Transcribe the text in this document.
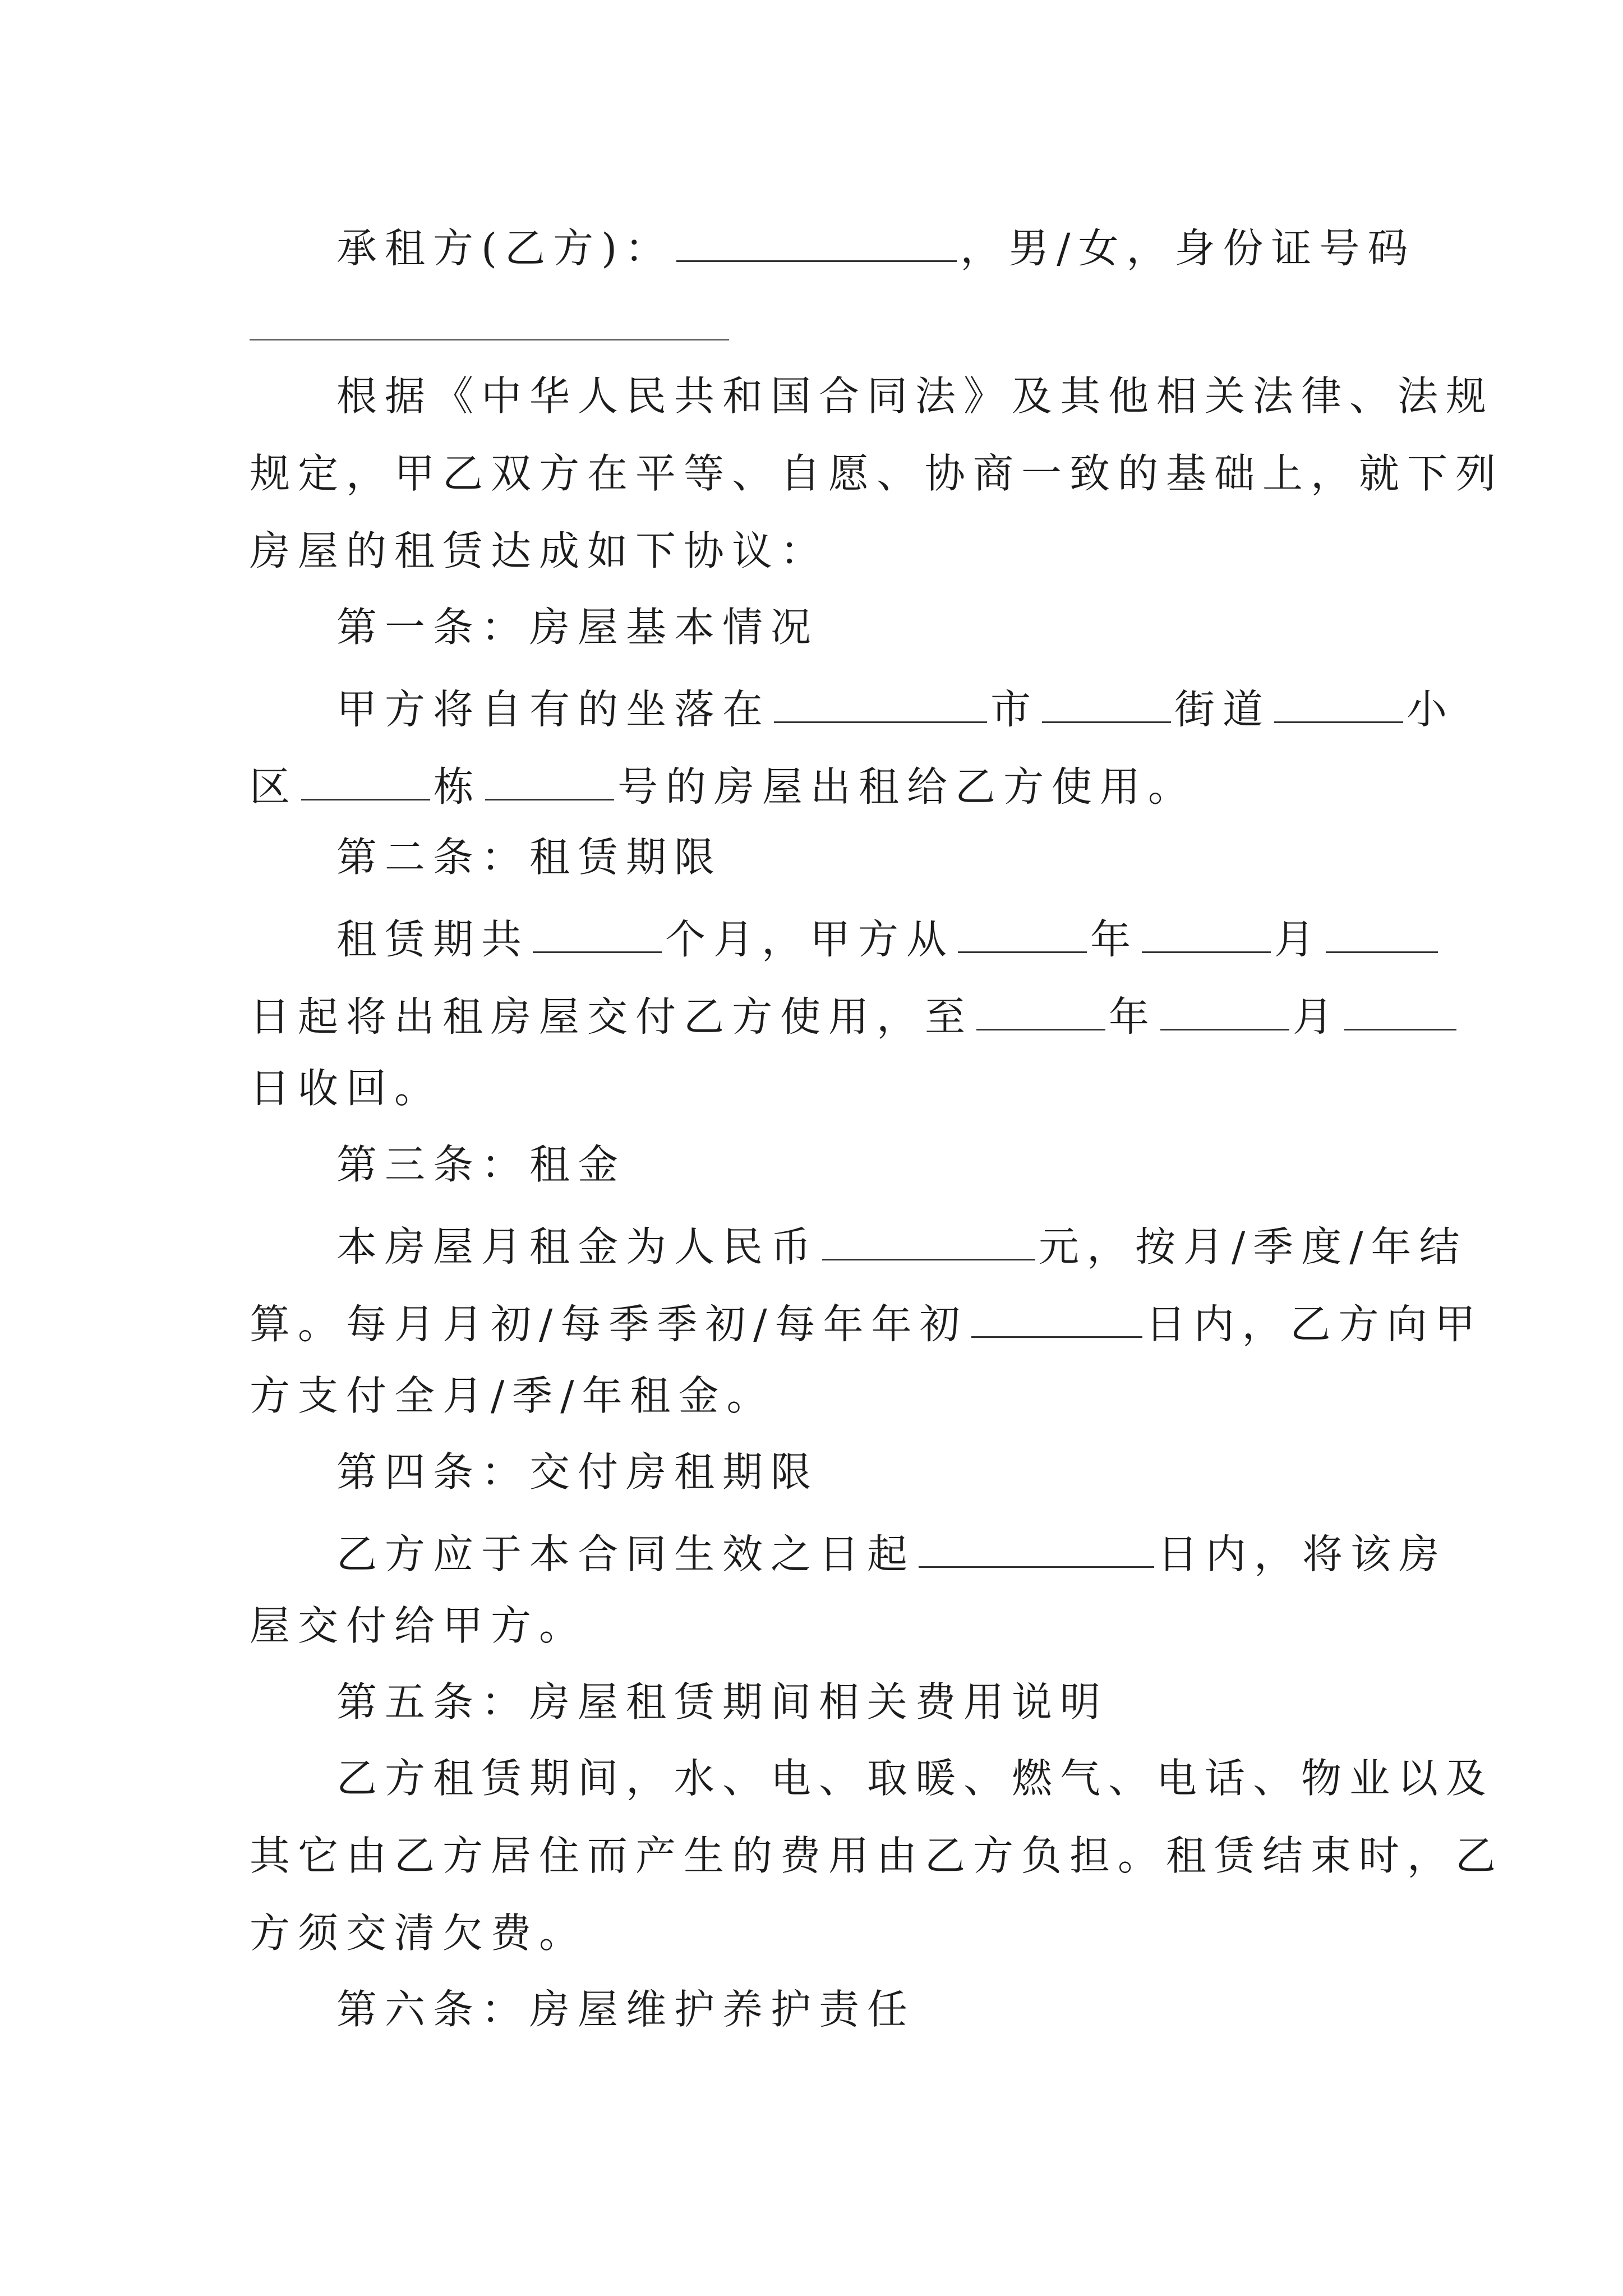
承租方(乙方)：	，男/女，身份证号码
根据《中华人民共和国合同法》及其他相关法律、法规
规定，甲乙双方在平等、自愿、协商一致的基础上，就下列
房屋的租赁达成如下协议：
第一条：房屋基本情况
甲方将自有的坐落在	市	街道	小
区	栋	号的房屋出租给乙方使用。
第二条：租赁期限
租赁期共	个月，甲方从	年	月
日起将出租房屋交付乙方使用，至	年	月
日收回。
第三条：租金
本房屋月租金为人民币	元，按月/季度/年结
算。每月月初/每季季初/每年年初	日内，乙方向甲
方支付全月/季/年租金。
第四条：交付房租期限
乙方应于本合同生效之日起	日内，将该房
屋交付给甲方。
第五条：房屋租赁期间相关费用说明
乙方租赁期间，水、电、取暖、燃气、电话、物业以及
其它由乙方居住而产生的费用由乙方负担。租赁结束时，乙
方须交清欠费。
第六条：房屋维护养护责任
